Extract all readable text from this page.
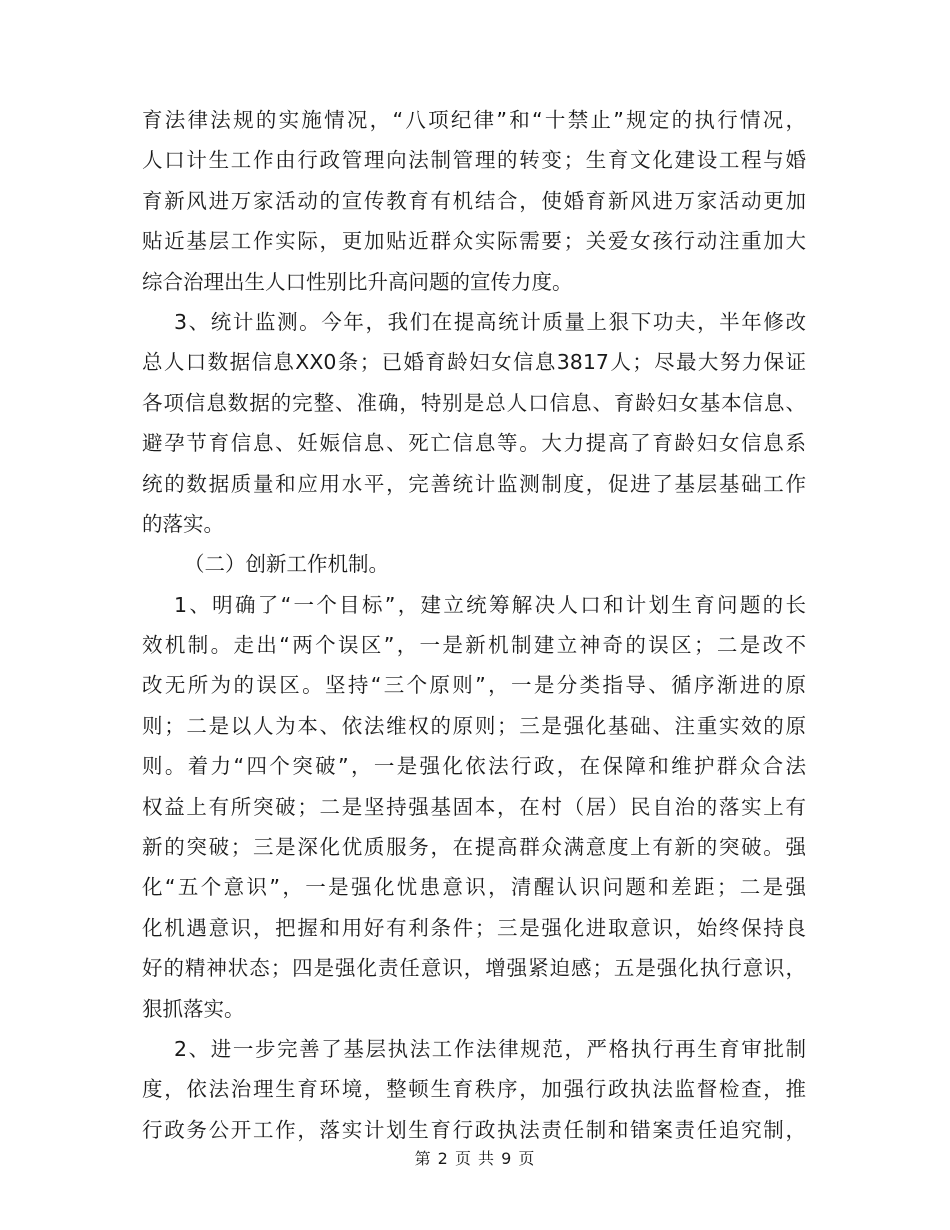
育法律法规的实施情况，“八项纪律”和“十禁止”规定的执行情况，
人口计生工作由行政管理向法制管理的转变；生育文化建设工程与婚
育新风进万家活动的宣传教育有机结合，使婚育新风进万家活动更加
贴近基层工作实际，更加贴近群众实际需要；关爱女孩行动注重加大
综合治理出生人口性别比升高问题的宣传力度。
3、统计监测。今年，我们在提高统计质量上狠下功夫，半年修改
总人口数据信息XX0条；已婚育龄妇女信息3817人；尽最大努力保证
各项信息数据的完整、准确，特别是总人口信息、育龄妇女基本信息、
避孕节育信息、妊娠信息、死亡信息等。大力提高了育龄妇女信息系
统的数据质量和应用水平，完善统计监测制度，促进了基层基础工作
的落实。
（二）创新工作机制。
1、明确了“一个目标”，建立统筹解决人口和计划生育问题的长
效机制。走出“两个误区”，一是新机制建立神奇的误区；二是改不
改无所为的误区。坚持“三个原则”，一是分类指导、循序渐进的原
则；二是以人为本、依法维权的原则；三是强化基础、注重实效的原
则。着力“四个突破”，一是强化依法行政，在保障和维护群众合法
权益上有所突破；二是坚持强基固本，在村（居）民自治的落实上有
新的突破；三是深化优质服务，在提高群众满意度上有新的突破。强
化“五个意识”，一是强化忧患意识，清醒认识问题和差距；二是强
化机遇意识，把握和用好有利条件；三是强化进取意识，始终保持良
好的精神状态；四是强化责任意识，增强紧迫感；五是强化执行意识，
狠抓落实。
2、进一步完善了基层执法工作法律规范，严格执行再生育审批制
度，依法治理生育环境，整顿生育秩序，加强行政执法监督检查，推
行政务公开工作，落实计划生育行政执法责任制和错案责任追究制，
第 2 页 共 9 页
